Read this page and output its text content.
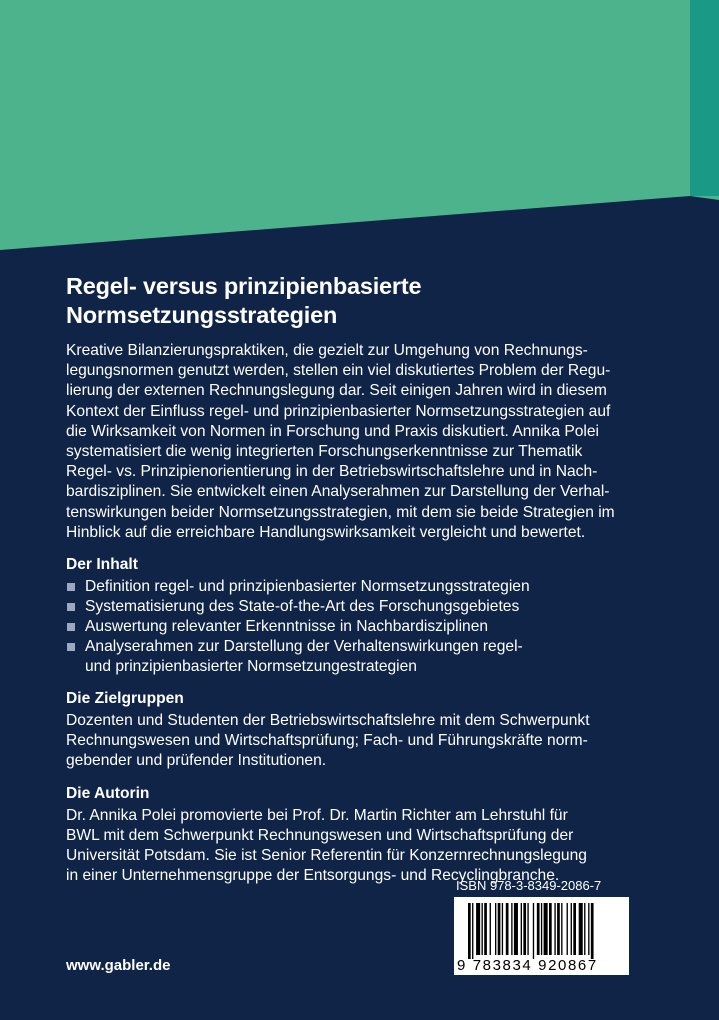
Regel- versus prinzipienbasierte
Normsetzungsstrategien

Kreative Bilanzierungspraktiken, die gezielt zur Umgehung von Rechnungs-
legungsnormen genutzt werden, stellen ein viel diskutiertes Problem der Regu-
lierung der externen Rechnungslegung dar. Seit einigen Jahren wird in diesem
Kontext der Einfluss regel- und prinzipienbasierter Normsetzungsstrategien auf
die Wirksamkeit von Normen in Forschung und Praxis diskutiert. Annika Polei
systematisiert die wenig integrierten Forschungserkenntnisse zur Thematik
Regel- vs. Prinzipienorientierung in der Betriebswirtschaftslehre und in Nach-
bardisziplinen. Sie entwickelt einen Analyserahmen zur Darstellung der Verhal-
tenswirkungen beider Normsetzungsstrategien, mit dem sie beide Strategien im
Hinblick auf die erreichbare Handlungswirksamkeit vergleicht und bewertet.

Der Inhalt
Definition regel- und prinzipienbasierter Normsetzungsstrategien
Systematisierung des State-of-the-Art des Forschungsgebietes
Auswertung relevanter Erkenntnisse in Nachbardisziplinen
Analyserahmen zur Darstellung der Verhaltenswirkungen regel-
und prinzipienbasierter Normsetzungestrategien
Die Zielgruppen

Dozenten und Studenten der Betriebswirtschaftslehre mit dem Schwerpunkt
Rechnungswesen und Wirtschaftsprüfung; Fach- und Führungskräfte norm-
gebender und prüfender Institutionen.

Die Autorin

Dr. Annika Polei promovierte bei Prof. Dr. Martin Richter am Lehrstuhl für
BWL mit dem Schwerpunkt Rechnungswesen und Wirtschaftsprüfung der
Universität Potsdam. Sie ist Senior Referentin für Konzernrechnungslegung
in einer Unternehmensgruppe der Entsorgungs- und Recyclingbranche.

ISBN 978-3-8349-2086-7
9 783834 920867
www.gabler.de
